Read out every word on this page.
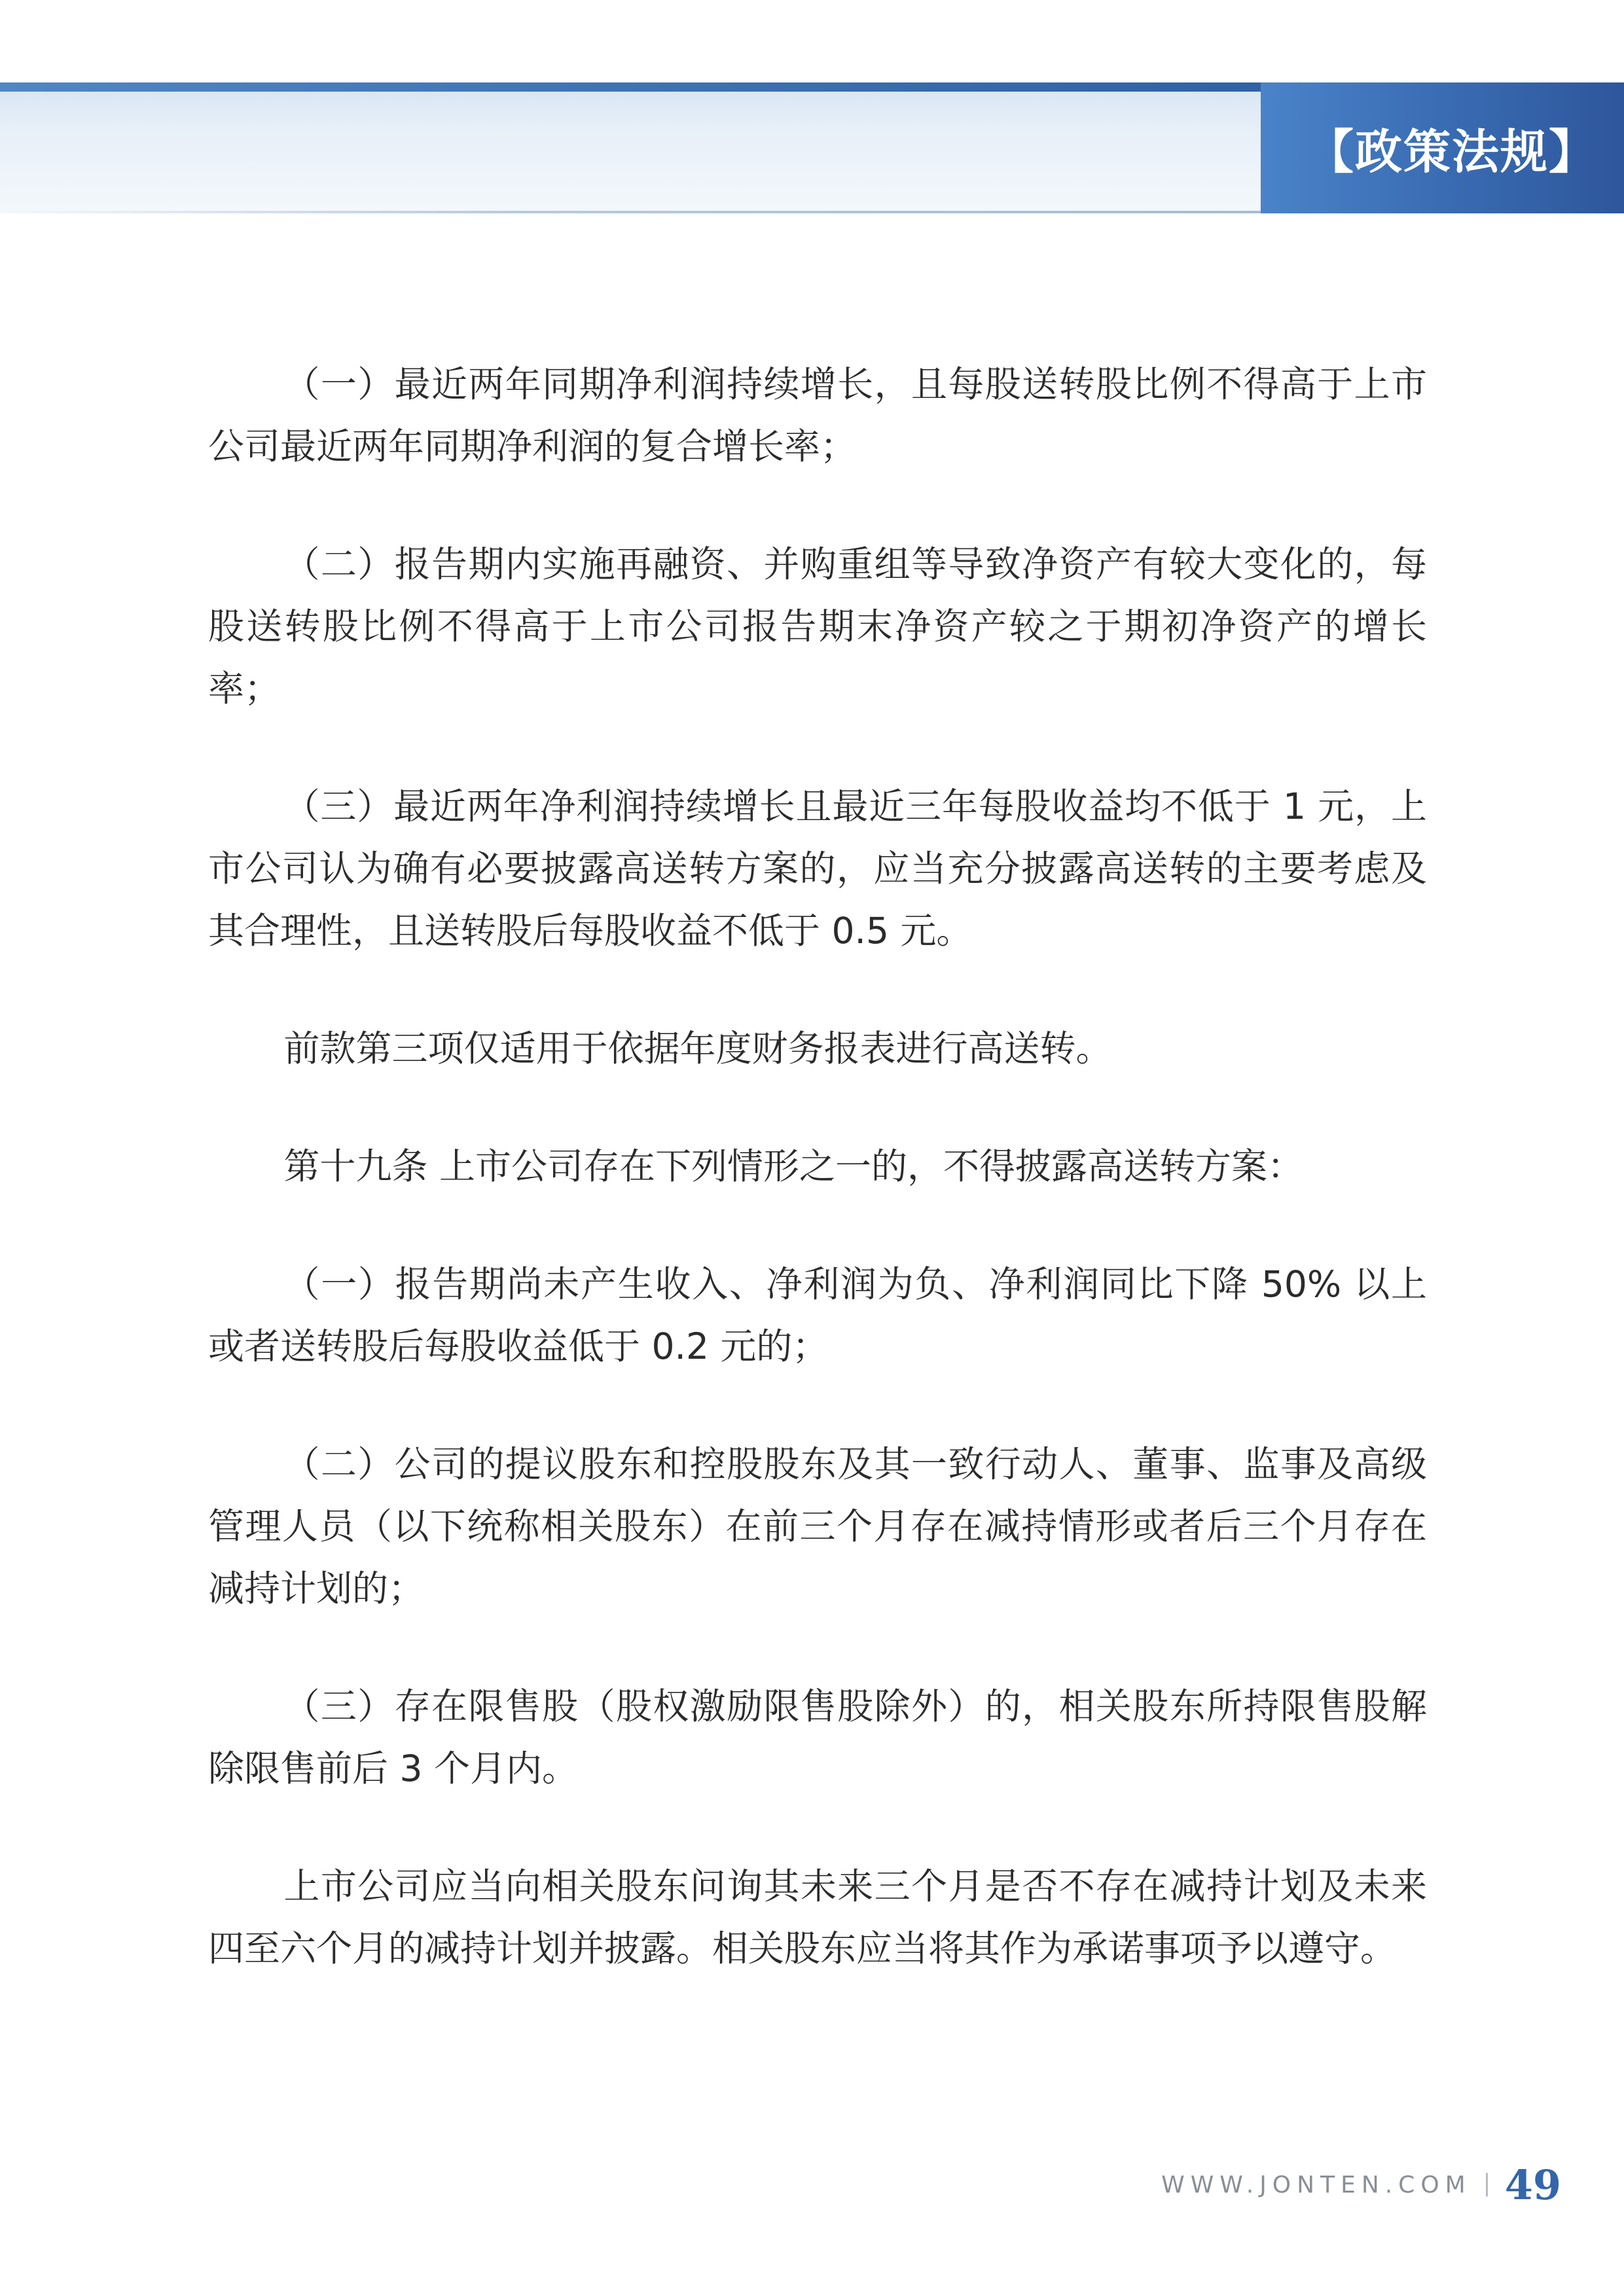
【政策法规】

（一）最近两年同期净利润持续增长，且每股送转股比例不得高于上市公司最近两年同期净利润的复合增长率；

（二）报告期内实施再融资、并购重组等导致净资产有较大变化的，每股送转股比例不得高于上市公司报告期末净资产较之于期初净资产的增长率；

（三）最近两年净利润持续增长且最近三年每股收益均不低于 1 元，上市公司认为确有必要披露高送转方案的，应当充分披露高送转的主要考虑及其合理性，且送转股后每股收益不低于 0.5 元。

前款第三项仅适用于依据年度财务报表进行高送转。

第十九条 上市公司存在下列情形之一的，不得披露高送转方案：

（一）报告期尚未产生收入、净利润为负、净利润同比下降 50% 以上或者送转股后每股收益低于 0.2 元的；

（二）公司的提议股东和控股股东及其一致行动人、董事、监事及高级管理人员（以下统称相关股东）在前三个月存在减持情形或者后三个月存在减持计划的；

（三）存在限售股（股权激励限售股除外）的，相关股东所持限售股解除限售前后 3 个月内。

上市公司应当向相关股东问询其未来三个月是否不存在减持计划及未来四至六个月的减持计划并披露。相关股东应当将其作为承诺事项予以遵守。

WWW.JONTEN.COM 49
